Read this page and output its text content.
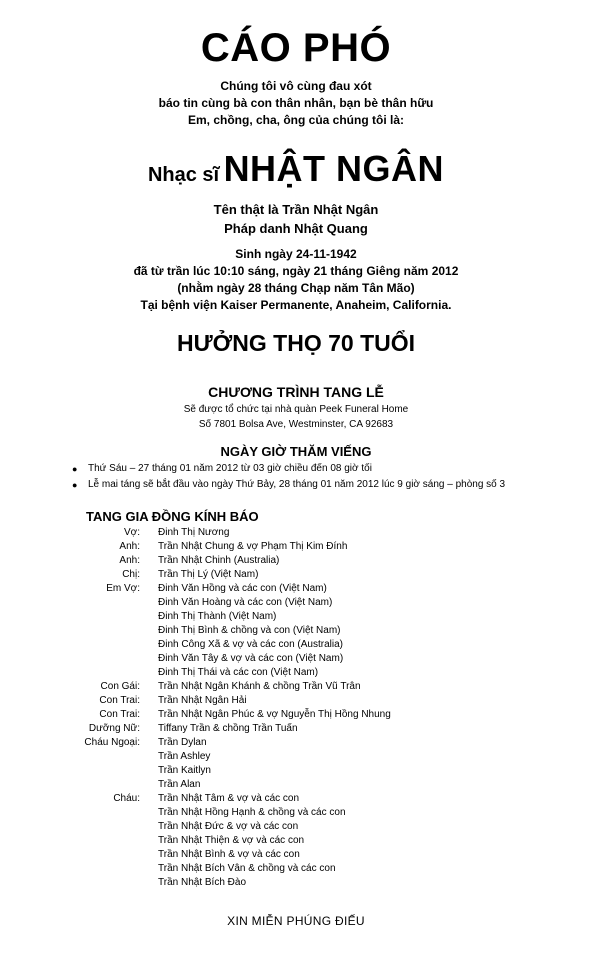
CÁO PHÓ
Chúng tôi vô cùng đau xót
báo tin cùng bà con thân nhân, bạn bè thân hữu
Em, chồng, cha, ông của chúng tôi là:
Nhạc sĩ NHẬT NGÂN
Tên thật là Trần Nhật Ngân
Pháp danh Nhật Quang
Sinh ngày 24-11-1942
đã từ trần lúc 10:10 sáng, ngày 21 tháng Giêng năm 2012
(nhằm ngày 28 tháng Chạp năm Tân Mão)
Tại bệnh viện Kaiser Permanente, Anaheim, California.
HƯỞNG THỌ 70 TUỔI
CHƯƠNG TRÌNH TANG LỄ
Sẽ được tổ chức tại nhà quàn Peek Funeral Home
Số 7801 Bolsa Ave, Westminster, CA 92683
NGÀY GIỜ THĂM VIẾNG
● Thứ Sáu – 27 tháng 01 năm 2012 từ 03 giờ chiều đến 08 giờ tối
● Lễ mai táng sẽ bắt đầu vào ngày Thứ Bảy, 28 tháng 01 năm 2012 lúc 9 giờ sáng – phòng số 3
TANG GIA ĐỒNG KÍNH BÁO
Vợ:	Đinh Thị Nương
Anh:	Trần Nhật Chung & vợ Phạm Thị Kim Đính
Anh:	Trần Nhật Chinh (Australia)
Chị:	Trần Thị Lý (Việt Nam)
Em Vợ:	Đinh Văn Hồng và các con (Việt Nam)
Đinh Văn Hoàng và các con (Việt Nam)
Đinh Thị Thành (Việt Nam)
Đinh Thị Bình & chồng và con (Việt Nam)
Đinh Công Xã & vợ và các con (Australia)
Đinh Văn Tây & vợ và các con (Việt Nam)
Đinh Thị Thái và các con (Việt Nam)
Con Gái:	Trần Nhật Ngân Khánh & chồng Trần Vũ Trân
Con Trai:	Trần Nhật Ngân Hải
Con Trai:	Trần Nhật Ngân Phúc & vợ Nguyễn Thị Hồng Nhung
Dưỡng Nữ:	Tiffany Trần & chồng Trần Tuấn
Cháu Ngoại:	Trần Dylan
Trần Ashley
Trần Kaitlyn
Trần Alan
Cháu:	Trần Nhật Tâm & vợ và các con
Trần Nhật Hồng Hạnh & chồng và các con
Trần Nhật Đức & vợ và các con
Trần Nhật Thiện & vợ và các con
Trần Nhật Bình & vợ và các con
Trần Nhật Bích Vân & chồng và các con
Trần Nhật Bích Đào
XIN MIỄN PHÚNG ĐIẾU
